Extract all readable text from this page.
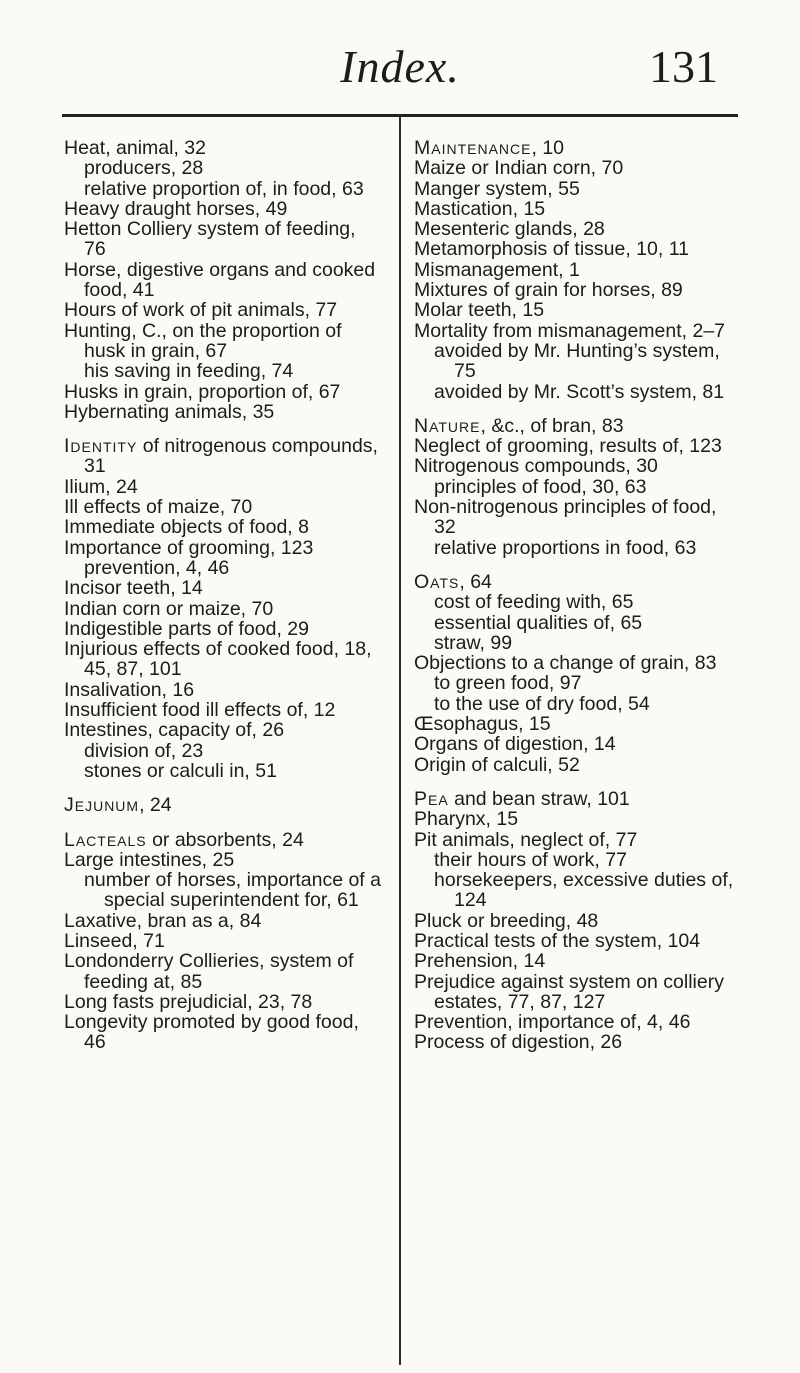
Index.	131
Heat, animal, 32
producers, 28
relative proportion of, in food, 63
Heavy draught horses, 49
Hetton Colliery system of feeding, 76
Horse, digestive organs and cooked food, 41
Hours of work of pit animals, 77
Hunting, C., on the proportion of husk in grain, 67
his saving in feeding, 74
Husks in grain, proportion of, 67
Hybernating animals, 35
Identity of nitrogenous compounds, 31
Ilium, 24
Ill effects of maize, 70
Immediate objects of food, 8
Importance of grooming, 123
prevention, 4, 46
Incisor teeth, 14
Indian corn or maize, 70
Indigestible parts of food, 29
Injurious effects of cooked food, 18, 45, 87, 101
Insalivation, 16
Insufficient food ill effects of, 12
Intestines, capacity of, 26
division of, 23
stones or calculi in, 51
Jejunum, 24
Lacteals or absorbents, 24
Large intestines, 25
number of horses, importance of a special superintendent for, 61
Laxative, bran as a, 84
Linseed, 71
Londonderry Collieries, system of feeding at, 85
Long fasts prejudicial, 23, 78
Longevity promoted by good food, 46
Maintenance, 10
Maize or Indian corn, 70
Manger system, 55
Mastication, 15
Mesenteric glands, 28
Metamorphosis of tissue, 10, 11
Mismanagement, 1
Mixtures of grain for horses, 89
Molar teeth, 15
Mortality from mismanagement, 2–7
avoided by Mr. Hunting’s system, 75
avoided by Mr. Scott’s system, 81
Nature, &c., of bran, 83
Neglect of grooming, results of, 123
Nitrogenous compounds, 30
principles of food, 30, 63
Non-nitrogenous principles of food, 32
relative proportions in food, 63
Oats, 64
cost of feeding with, 65
essential qualities of, 65
straw, 99
Objections to a change of grain, 83
to green food, 97
to the use of dry food, 54
Œsophagus, 15
Organs of digestion, 14
Origin of calculi, 52
Pea and bean straw, 101
Pharynx, 15
Pit animals, neglect of, 77
their hours of work, 77
horsekeepers, excessive duties of, 124
Pluck or breeding, 48
Practical tests of the system, 104
Prehension, 14
Prejudice against system on colliery estates, 77, 87, 127
Prevention, importance of, 4, 46
Process of digestion, 26
